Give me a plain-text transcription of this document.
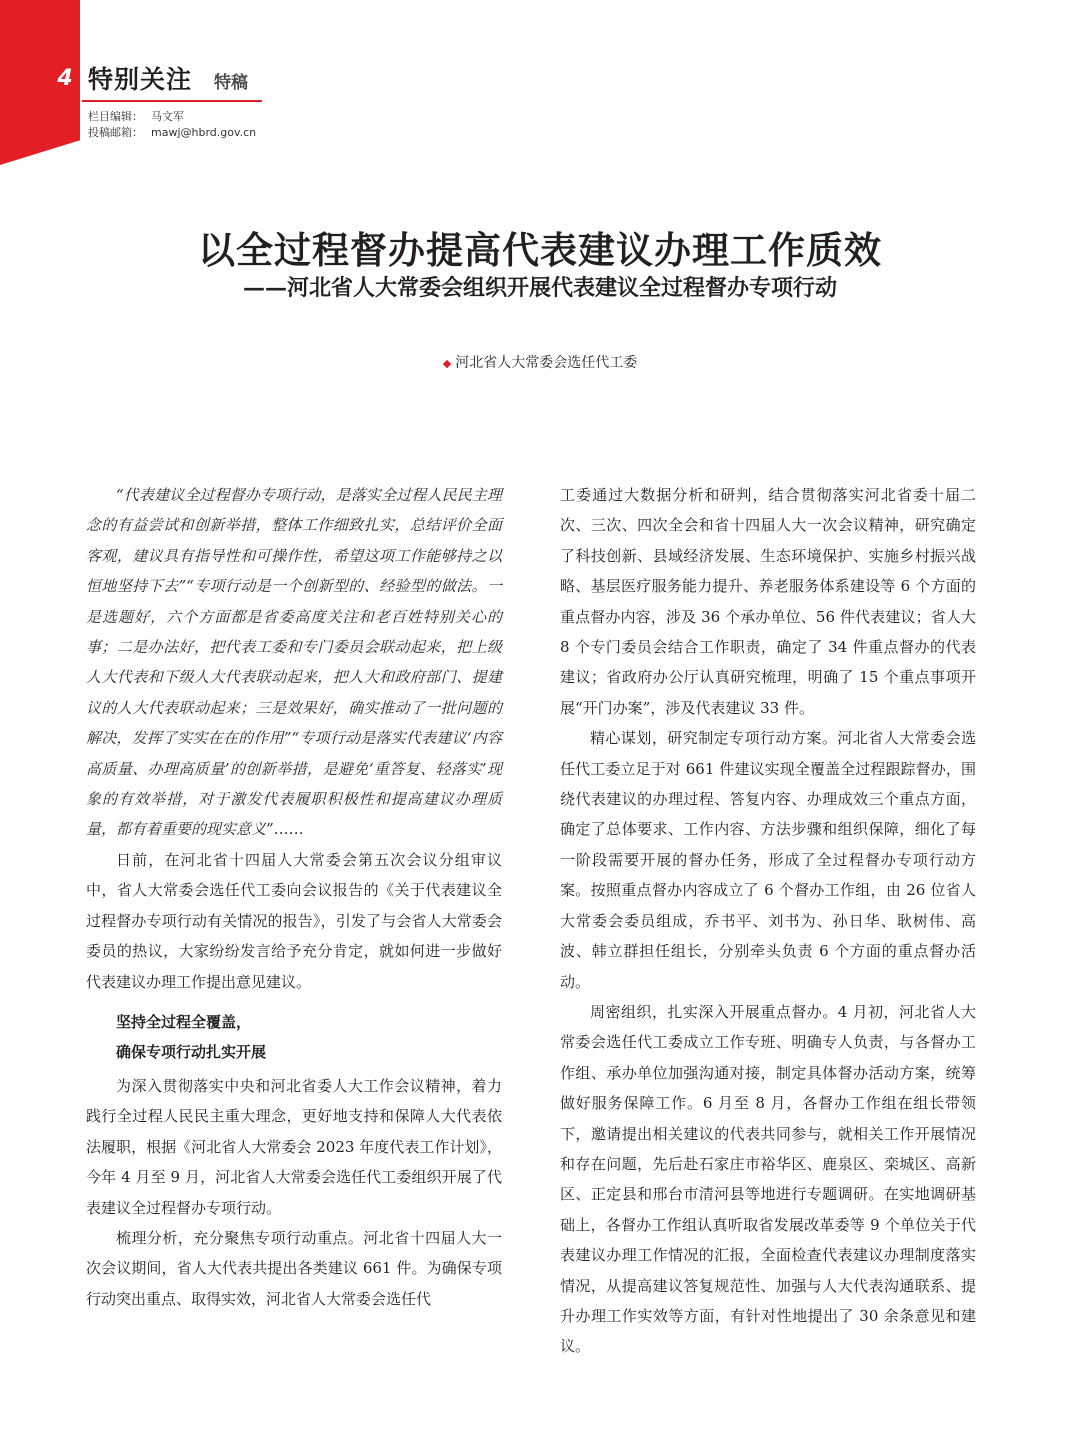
4 特别关注 特稿
栏目编辑： 马文军
投稿邮箱： mawj@hbrd.gov.cn
以全过程督办提高代表建议办理工作质效
——河北省人大常委会组织开展代表建议全过程督办专项行动
◆ 河北省人大常委会选任代工委

“代表建议全过程督办专项行动，是落实全过程人民民主理念的有益尝试和创新举措，整体工作细致扎实，总结评价全面客观，建议具有指导性和可操作性，希望这项工作能够持之以恒地坚持下去”“专项行动是一个创新型的、经验型的做法。一是选题好，六个方面都是省委高度关注和老百姓特别关心的事；二是办法好，把代表工委和专门委员会联动起来，把上级人大代表和下级人大代表联动起来，把人大和政府部门、提建议的人大代表联动起来；三是效果好，确实推动了一批问题的解决，发挥了实实在在的作用”“专项行动是落实代表建议‘内容高质量、办理高质量’的创新举措，是避免‘重答复、轻落实’现象的有效举措，对于激发代表履职积极性和提高建议办理质量，都有着重要的现实意义”……

日前，在河北省十四届人大常委会第五次会议分组审议中，省人大常委会选任代工委向会议报告的《关于代表建议全过程督办专项行动有关情况的报告》，引发了与会省人大常委会委员的热议，大家纷纷发言给予充分肯定，就如何进一步做好代表建议办理工作提出意见建议。

坚持全过程全覆盖，
确保专项行动扎实开展

为深入贯彻落实中央和河北省委人大工作会议精神，着力践行全过程人民民主重大理念，更好地支持和保障人大代表依法履职，根据《河北省人大常委会 2023 年度代表工作计划》，今年 4 月至 9 月，河北省人大常委会选任代工委组织开展了代表建议全过程督办专项行动。

梳理分析，充分聚焦专项行动重点。河北省十四届人大一次会议期间，省人大代表共提出各类建议 661 件。为确保专项行动突出重点、取得实效，河北省人大常委会选任代

工委通过大数据分析和研判，结合贯彻落实河北省委十届二次、三次、四次全会和省十四届人大一次会议精神，研究确定了科技创新、县域经济发展、生态环境保护、实施乡村振兴战略、基层医疗服务能力提升、养老服务体系建设等 6 个方面的重点督办内容，涉及 36 个承办单位、56 件代表建议；省人大 8 个专门委员会结合工作职责，确定了 34 件重点督办的代表建议；省政府办公厅认真研究梳理，明确了 15 个重点事项开展“开门办案”，涉及代表建议 33 件。

精心谋划，研究制定专项行动方案。河北省人大常委会选任代工委立足于对 661 件建议实现全覆盖全过程跟踪督办，围绕代表建议的办理过程、答复内容、办理成效三个重点方面，确定了总体要求、工作内容、方法步骤和组织保障，细化了每一阶段需要开展的督办任务，形成了全过程督办专项行动方案。按照重点督办内容成立了 6 个督办工作组，由 26 位省人大常委会委员组成，乔书平、刘书为、孙日华、耿树伟、高波、韩立群担任组长，分别牵头负责 6 个方面的重点督办活动。

周密组织，扎实深入开展重点督办。4 月初，河北省人大常委会选任代工委成立工作专班、明确专人负责，与各督办工作组、承办单位加强沟通对接，制定具体督办活动方案，统筹做好服务保障工作。6 月至 8 月，各督办工作组在组长带领下，邀请提出相关建议的代表共同参与，就相关工作开展情况和存在问题，先后赴石家庄市裕华区、鹿泉区、栾城区、高新区、正定县和邢台市清河县等地进行专题调研。在实地调研基础上，各督办工作组认真听取省发展改革委等 9 个单位关于代表建议办理工作情况的汇报，全面检查代表建议办理制度落实情况，从提高建议答复规范性、加强与人大代表沟通联系、提升办理工作实效等方面，有针对性地提出了 30 余条意见和建议。
